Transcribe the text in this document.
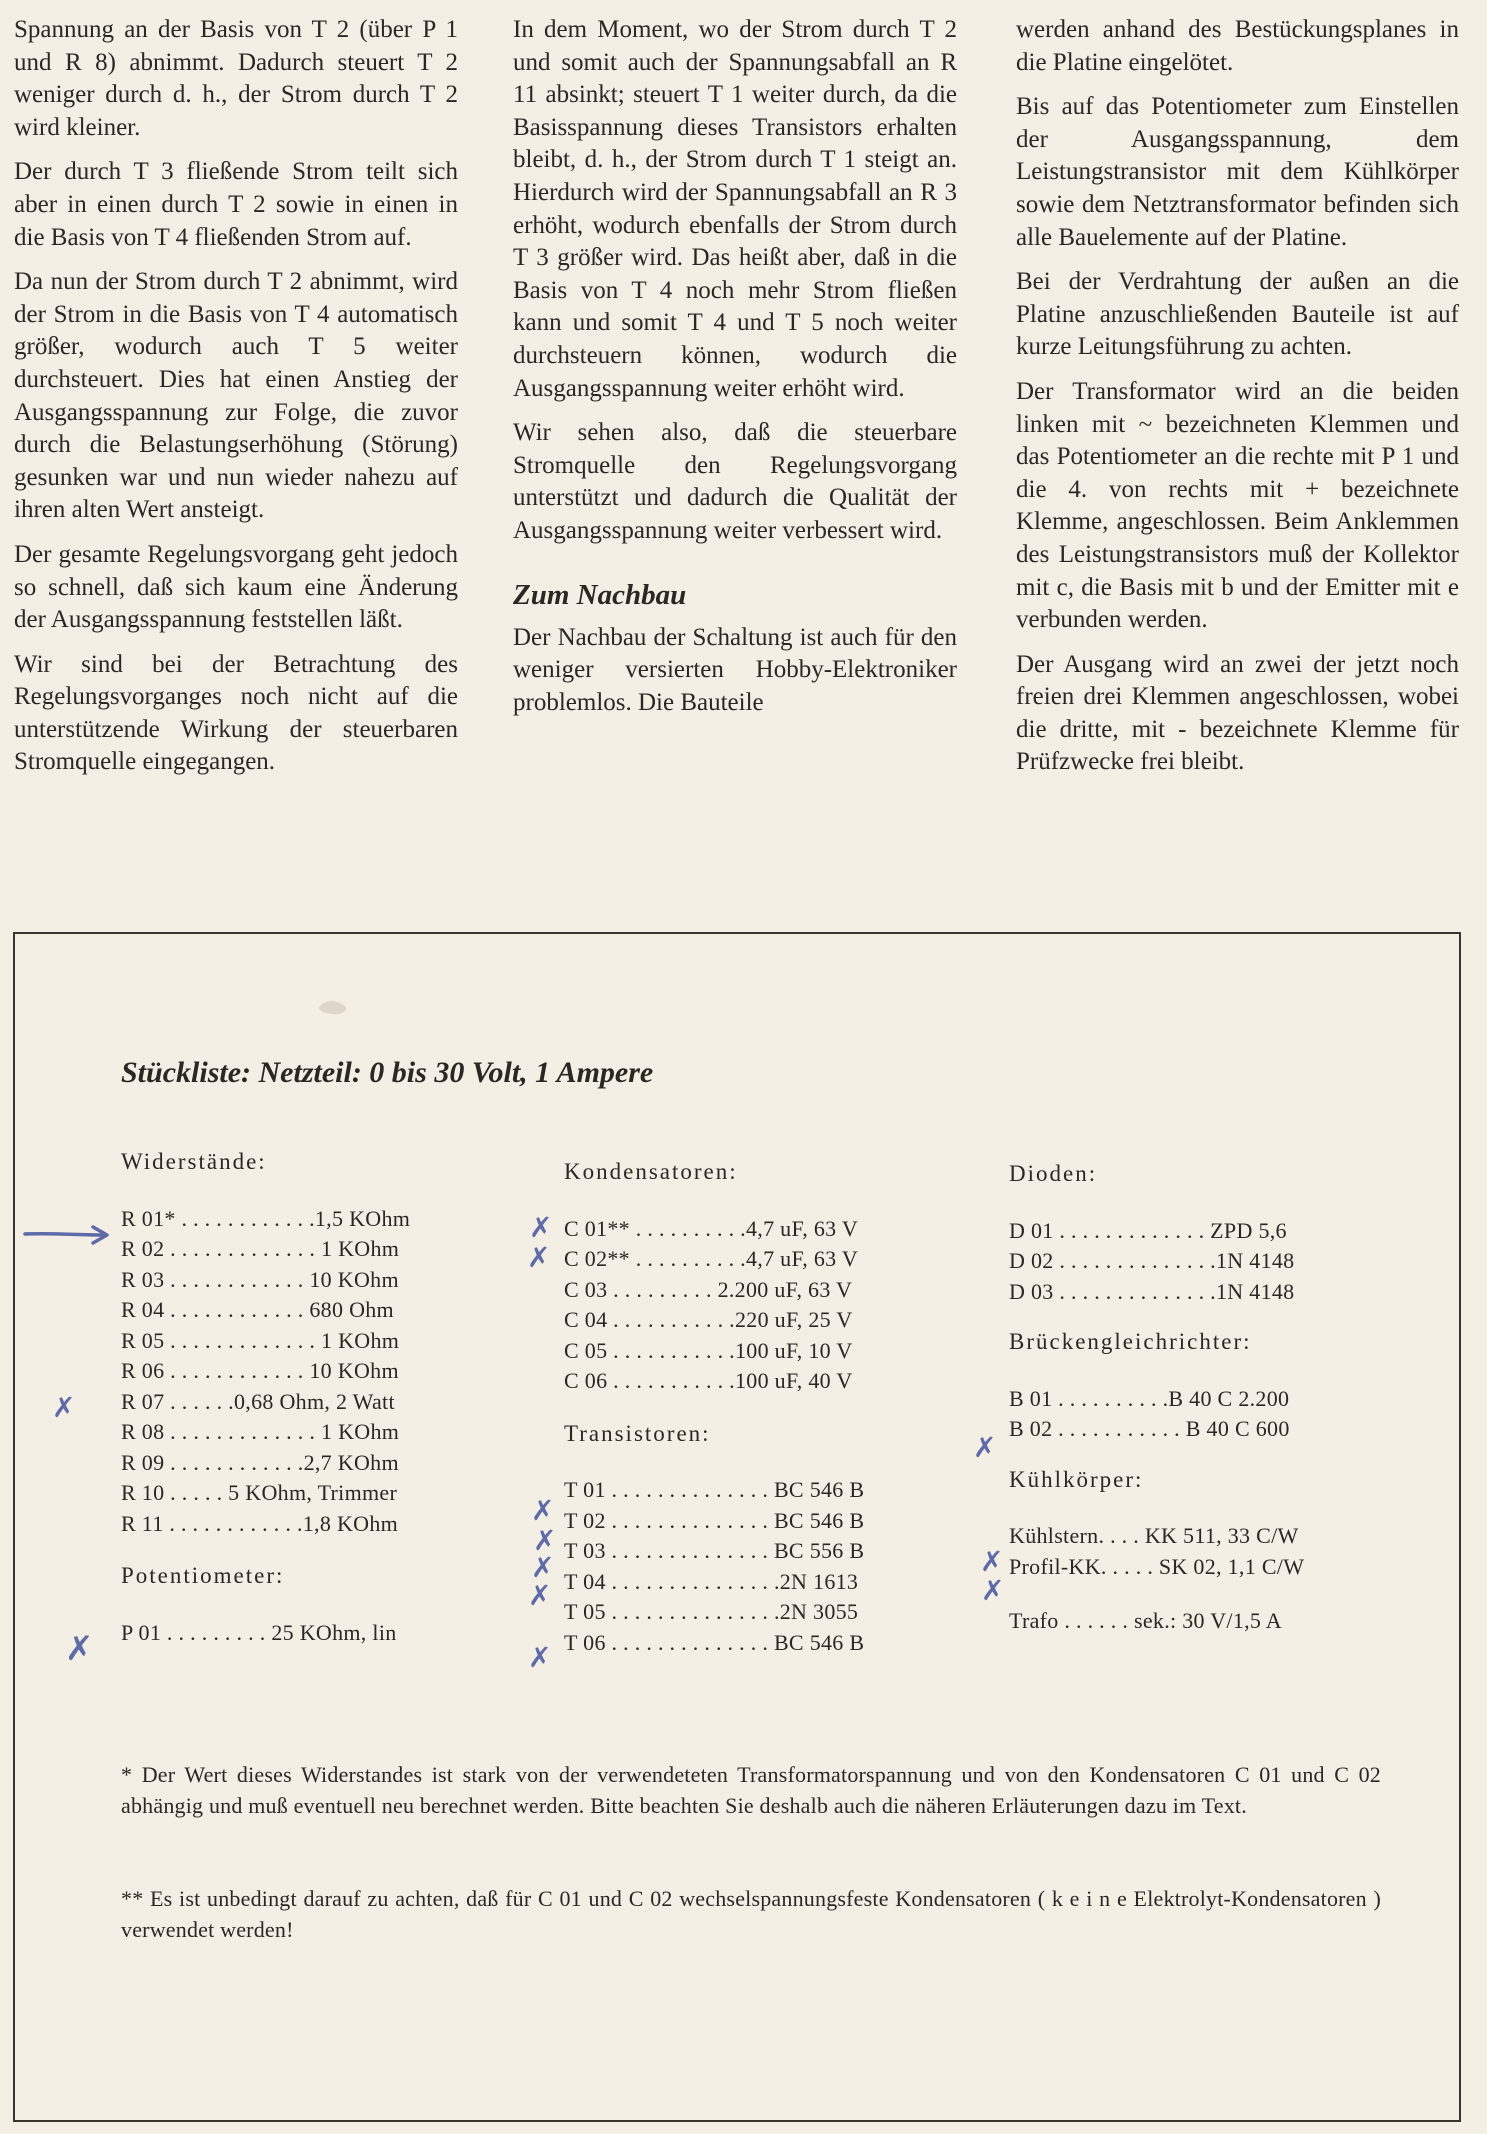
Spannung an der Basis von T 2 (über P 1 und R 8) abnimmt. Dadurch steuert T 2 weniger durch d. h., der Strom durch T 2 wird kleiner.

Der durch T 3 fließende Strom teilt sich aber in einen durch T 2 sowie in einen in die Basis von T 4 fließenden Strom auf.

Da nun der Strom durch T 2 abnimmt, wird der Strom in die Basis von T 4 automatisch größer, wodurch auch T 5 weiter durchsteuert. Dies hat einen Anstieg der Ausgangsspannung zur Folge, die zuvor durch die Belastungserhöhung (Störung) gesunken war und nun wieder nahezu auf ihren alten Wert ansteigt.

Der gesamte Regelungsvorgang geht jedoch so schnell, daß sich kaum eine Änderung der Ausgangsspannung feststellen läßt.

Wir sind bei der Betrachtung des Regelungsvorganges noch nicht auf die unterstützende Wirkung der steuerbaren Stromquelle eingegangen.

In dem Moment, wo der Strom durch T 2 und somit auch der Spannungsabfall an R 11 absinkt; steuert T 1 weiter durch, da die Basisspannung dieses Transistors erhalten bleibt, d. h., der Strom durch T 1 steigt an. Hierdurch wird der Spannungsabfall an R 3 erhöht, wodurch ebenfalls der Strom durch T 3 größer wird. Das heißt aber, daß in die Basis von T 4 noch mehr Strom fließen kann und somit T 4 und T 5 noch weiter durchsteuern können, wodurch die Ausgangsspannung weiter erhöht wird.

Wir sehen also, daß die steuerbare Stromquelle den Regelungsvorgang unterstützt und dadurch die Qualität der Ausgangsspannung weiter verbessert wird.

Zum Nachbau

Der Nachbau der Schaltung ist auch für den weniger versierten Hobby-Elektroniker problemlos. Die Bauteile

werden anhand des Bestückungsplanes in die Platine eingelötet.

Bis auf das Potentiometer zum Einstellen der Ausgangsspannung, dem Leistungstransistor mit dem Kühlkörper sowie dem Netztransformator befinden sich alle Bauelemente auf der Platine.

Bei der Verdrahtung der außen an die Platine anzuschließenden Bauteile ist auf kurze Leitungsführung zu achten.

Der Transformator wird an die beiden linken mit ~ bezeichneten Klemmen und das Potentiometer an die rechte mit P 1 und die 4. von rechts mit + bezeichnete Klemme, angeschlossen. Beim Anklemmen des Leistungstransistors muß der Kollektor mit c, die Basis mit b und der Emitter mit e verbunden werden.

Der Ausgang wird an zwei der jetzt noch freien drei Klemmen angeschlossen, wobei die dritte, mit - bezeichnete Klemme für Prüfzwecke frei bleibt.

Stückliste: Netzteil: 0 bis 30 Volt, 1 Ampere
Widerstände:
R 01* . . . . . . . . . . . .1,5 KOhm
R 02 . . . . . . . . . . . . . 1 KOhm
R 03 . . . . . . . . . . . . 10 KOhm
R 04 . . . . . . . . . . . . 680 Ohm
R 05 . . . . . . . . . . . . . 1 KOhm
R 06 . . . . . . . . . . . . 10 KOhm
R 07 . . . . . .0,68 Ohm, 2 Watt
R 08 . . . . . . . . . . . . . 1 KOhm
R 09 . . . . . . . . . . . .2,7 KOhm
R 10 . . . . . 5 KOhm, Trimmer
R 11 . . . . . . . . . . . .1,8 KOhm
Potentiometer:
P 01 . . . . . . . . . 25 KOhm, lin
✗
✗
Kondensatoren:
C 01** . . . . . . . . . .4,7 uF, 63 V
C 02** . . . . . . . . . .4,7 uF, 63 V
C 03 . . . . . . . . . 2.200 uF, 63 V
C 04 . . . . . . . . . . .220 uF, 25 V
C 05 . . . . . . . . . . .100 uF, 10 V
C 06 . . . . . . . . . . .100 uF, 40 V
Transistoren:
T 01 . . . . . . . . . . . . . . BC 546 B
T 02 . . . . . . . . . . . . . . BC 546 B
T 03 . . . . . . . . . . . . . . BC 556 B
T 04 . . . . . . . . . . . . . . .2N 1613
T 05 . . . . . . . . . . . . . . .2N 3055
T 06 . . . . . . . . . . . . . . BC 546 B
✗
✗
✗
✗
✗
✗
✗
Dioden:
D 01 . . . . . . . . . . . . . ZPD 5,6
D 02 . . . . . . . . . . . . . .1N 4148
D 03 . . . . . . . . . . . . . .1N 4148
Brückengleichrichter:
B 01 . . . . . . . . . .B 40 C 2.200
B 02 . . . . . . . . . . . B 40 C 600
Kühlkörper:
Kühlstern. . . . KK 511, 33 C/W
Profil-KK. . . . . SK 02, 1,1 C/W
Trafo . . . . . . sek.: 30 V/1,5 A
✗
✗
✗
* Der Wert dieses Widerstandes ist stark von der verwendeteten Transformatorspannung und von den Kondensatoren C 01 und C 02 abhängig und muß eventuell neu berechnet werden. Bitte beachten Sie deshalb auch die näheren Erläuterungen dazu im Text.
** Es ist unbedingt darauf zu achten, daß für C 01 und C 02 wechselspannungsfeste Kondensatoren ( k e i n e Elektrolyt-Kondensatoren ) verwendet werden!
